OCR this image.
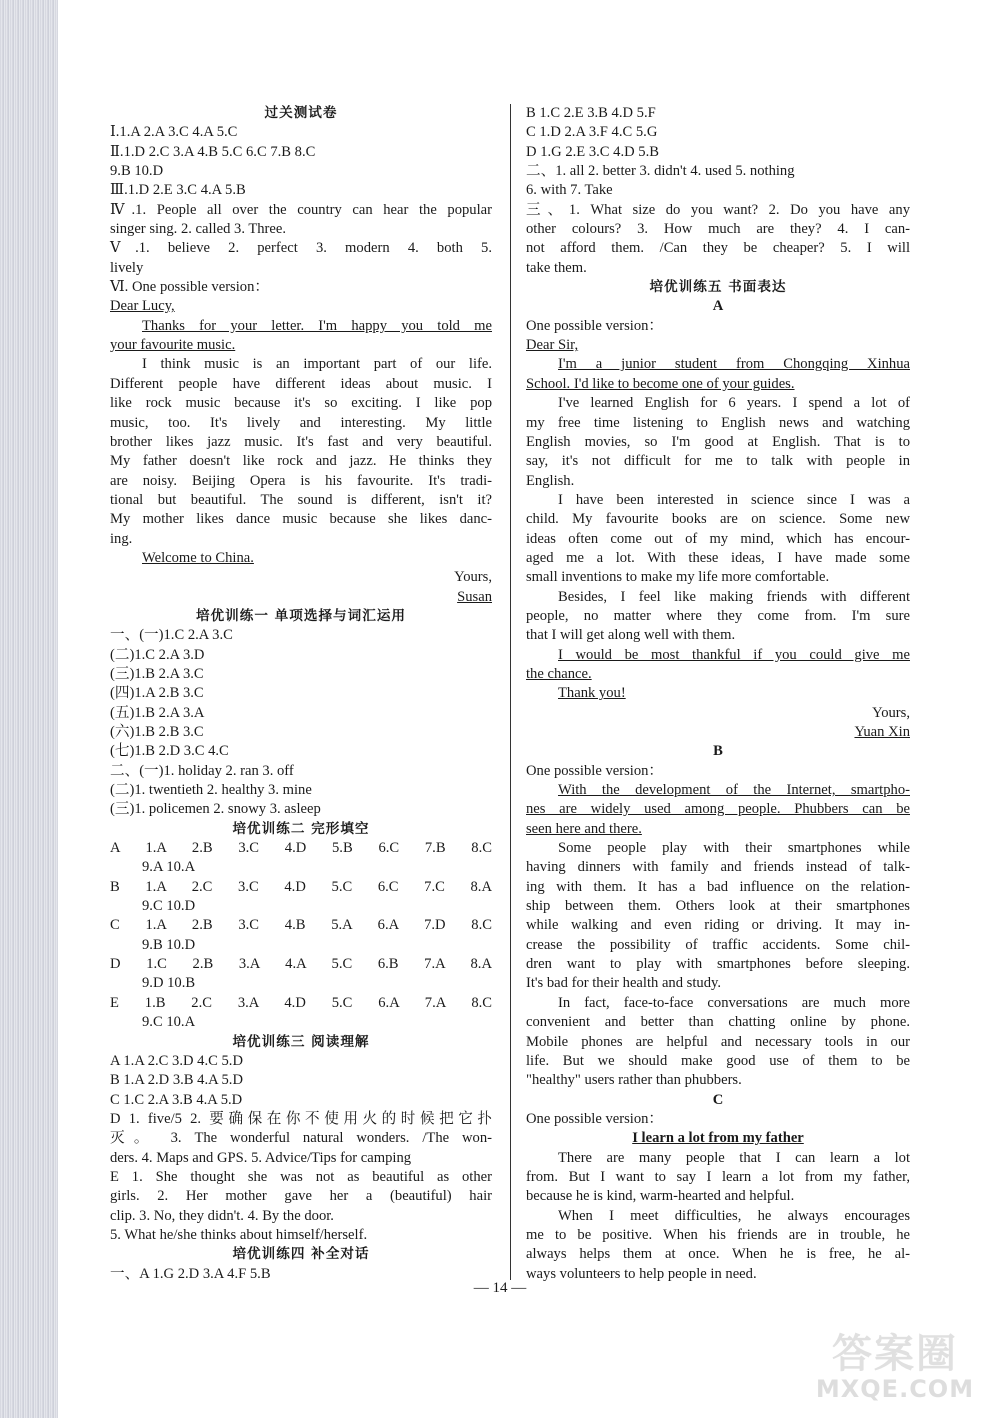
过关测试卷
Ⅰ.1.A 2.A 3.C 4.A 5.C
Ⅱ.1.D 2.C 3.A 4.B 5.C 6.C 7.B 8.C
9.B 10.D
Ⅲ.1.D 2.E 3.C 4.A 5.B
Ⅳ.1. People all over the country can hear the popular
singer sing. 2. called 3. Three.
Ⅴ.1. believe 2. perfect 3. modern 4. both 5.
lively
Ⅵ. One possible version：
Dear Lucy,
Thanks for your letter. I'm happy you told me
your favourite music.
I think music is an important part of our life.
Different people have different ideas about music. I
like rock music because it's so exciting. I like pop
music, too. It's lively and interesting. My little
brother likes jazz music. It's fast and very beautiful.
My father doesn't like rock and jazz. He thinks they
are noisy. Beijing Opera is his favourite. It's tradi-
tional but beautiful. The sound is different, isn't it?
My mother likes dance music because she likes danc-
ing.
Welcome to China.
Yours,
Susan
培优训练一 单项选择与词汇运用
一、(一)1.C 2.A 3.C
(二)1.C 2.A 3.D
(三)1.B 2.A 3.C
(四)1.A 2.B 3.C
(五)1.B 2.A 3.A
(六)1.B 2.B 3.C
(七)1.B 2.D 3.C 4.C
二、(一)1. holiday 2. ran 3. off
(二)1. twentieth 2. healthy 3. mine
(三)1. policemen 2. snowy 3. asleep
培优训练二 完形填空
A 1.A 2.B 3.C 4.D 5.B 6.C 7.B 8.C
9.A 10.A
B 1.A 2.C 3.C 4.D 5.C 6.C 7.C 8.A
9.C 10.D
C 1.A 2.B 3.C 4.B 5.A 6.A 7.D 8.C
9.B 10.D
D 1.C 2.B 3.A 4.A 5.C 6.B 7.A 8.A
9.D 10.B
E 1.B 2.C 3.A 4.D 5.C 6.A 7.A 8.C
9.C 10.A
培优训练三 阅读理解
A 1.A 2.C 3.D 4.C 5.D
B 1.A 2.D 3.B 4.A 5.D
C 1.C 2.A 3.B 4.A 5.D
D 1. five/5 2. 要确保在你不使用火的时候把它扑
灭。 3. The wonderful natural wonders. /The won-
ders. 4. Maps and GPS. 5. Advice/Tips for camping
E 1. She thought she was not as beautiful as other
girls. 2. Her mother gave her a (beautiful) hair
clip. 3. No, they didn't. 4. By the door.
5. What he/she thinks about himself/herself.
培优训练四 补全对话
一、A 1.G 2.D 3.A 4.F 5.B
B 1.C 2.E 3.B 4.D 5.F
C 1.D 2.A 3.F 4.C 5.G
D 1.G 2.E 3.C 4.D 5.B
二、1. all 2. better 3. didn't 4. used 5. nothing
6. with 7. Take
三、1. What size do you want? 2. Do you have any
other colours? 3. How much are they? 4. I can-
not afford them. /Can they be cheaper? 5. I will
take them.
培优训练五 书面表达
A
One possible version：
Dear Sir,
I'm a junior student from Chongqing Xinhua
School. I'd like to become one of your guides.
I've learned English for 6 years. I spend a lot of
my free time listening to English news and watching
English movies, so I'm good at English. That is to
say, it's not difficult for me to talk with people in
English.
I have been interested in science since I was a
child. My favourite books are on science. Some new
ideas often come out of my mind, which has encour-
aged me a lot. With these ideas, I have made some
small inventions to make my life more comfortable.
Besides, I feel like making friends with different
people, no matter where they come from. I'm sure
that I will get along well with them.
I would be most thankful if you could give me
the chance.
Thank you!
Yours,
Yuan Xin
B
One possible version：
With the development of the Internet, smartpho-
nes are widely used among people. Phubbers can be
seen here and there.
Some people play with their smartphones while
having dinners with family and friends instead of talk-
ing with them. It has a bad influence on the relation-
ship between them. Others look at their smartphones
while walking and even riding or driving. It may in-
crease the possibility of traffic accidents. Some chil-
dren want to play with smartphones before sleeping.
It's bad for their health and study.
In fact, face-to-face conversations are much more
convenient and better than chatting online by phone.
Mobile phones are helpful and necessary tools in our
life. But we should make good use of them to be
"healthy" users rather than phubbers.
C
One possible version：
I learn a lot from my father
There are many people that I can learn a lot
from. But I want to say I learn a lot from my father,
because he is kind, warm-hearted and helpful.
When I meet difficulties, he always encourages
me to be positive. When his friends are in trouble, he
always helps them at once. When he is free, he al-
ways volunteers to help people in need.
— 14 —
答案圈
MXQE.COM
